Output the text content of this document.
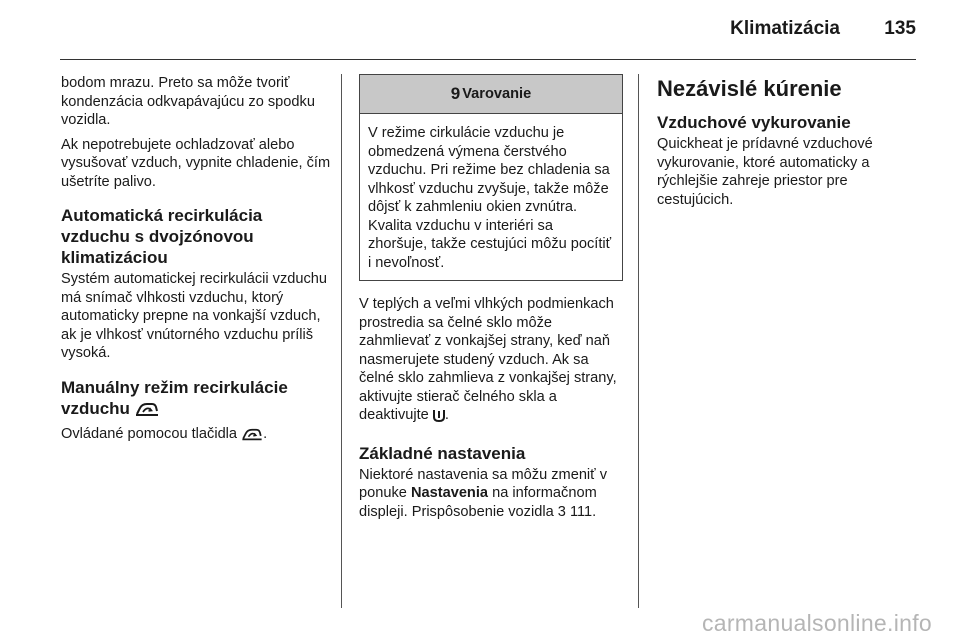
Klimatizácia 135

bodom mrazu. Preto sa môže tvoriť kondenzácia odkvapávajúcu zo spodku vozidla.

Ak nepotrebujete ochladzovať alebo vysušovať vzduch, vypnite chladenie, čím ušetríte palivo.

Automatická recirkulácia vzduchu s dvojzónovou klimatizáciou

Systém automatickej recirkulácii vzduchu má snímač vlhkosti vzduchu, ktorý automaticky prepne na vonkajší vzduch, ak je vlhkosť vnútorného vzduchu príliš vysoká.

Manuálny režim recirkulácie vzduchu

Ovládané pomocou tlačidla .

9 Varovanie
V režime cirkulácie vzduchu je obmedzená výmena čerstvého vzduchu. Pri režime bez chladenia sa vlhkosť vzduchu zvyšuje, takže môže dôjsť k zahmleniu okien zvnútra. Kvalita vzduchu v interiéri sa zhoršuje, takže cestujúci môžu pocítiť i nevoľnosť.

V teplých a veľmi vlhkých podmienkach prostredia sa čelné sklo môže zahmlievať z vonkajšej strany, keď naň nasmerujete studený vzduch. Ak sa čelné sklo zahmlieva z vonkajšej strany, aktivujte stierač čelného skla a deaktivujte .

Základné nastavenia

Niektoré nastavenia sa môžu zmeniť v ponuke Nastavenia na informačnom displeji. Prispôsobenie vozidla 3 111.

Nezávislé kúrenie
Vzduchové vykurovanie

Quickheat je prídavné vzduchové vykurovanie, ktoré automaticky a rýchlejšie zahreje priestor pre cestujúcich.

carmanualsonline.info
